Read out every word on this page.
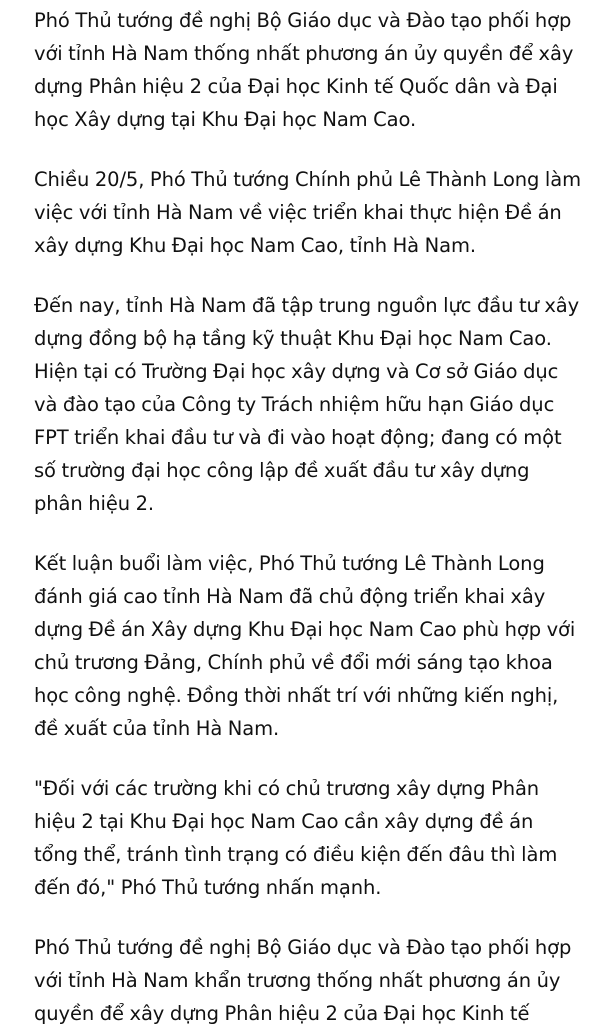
Phó Thủ tướng đề nghị Bộ Giáo dục và Đào tạo phối hợp với tỉnh Hà Nam thống nhất phương án ủy quyền để xây dựng Phân hiệu 2 của Đại học Kinh tế Quốc dân và Đại học Xây dựng tại Khu Đại học Nam Cao.

Chiều 20/5, Phó Thủ tướng Chính phủ Lê Thành Long làm việc với tỉnh Hà Nam về việc triển khai thực hiện Đề án xây dựng Khu Đại học Nam Cao, tỉnh Hà Nam.

Đến nay, tỉnh Hà Nam đã tập trung nguồn lực đầu tư xây dựng đồng bộ hạ tầng kỹ thuật Khu Đại học Nam Cao. Hiện tại có Trường Đại học xây dựng và Cơ sở Giáo dục và đào tạo của Công ty Trách nhiệm hữu hạn Giáo dục FPT triển khai đầu tư và đi vào hoạt động; đang có một số trường đại học công lập đề xuất đầu tư xây dựng phân hiệu 2.

Kết luận buổi làm việc, Phó Thủ tướng Lê Thành Long đánh giá cao tỉnh Hà Nam đã chủ động triển khai xây dựng Đề án Xây dựng Khu Đại học Nam Cao phù hợp với chủ trương Đảng, Chính phủ về đổi mới sáng tạo khoa học công nghệ. Đồng thời nhất trí với những kiến nghị, đề xuất của tỉnh Hà Nam.

"Đối với các trường khi có chủ trương xây dựng Phân hiệu 2 tại Khu Đại học Nam Cao cần xây dựng đề án tổng thể, tránh tình trạng có điều kiện đến đâu thì làm đến đó," Phó Thủ tướng nhấn mạnh.

Phó Thủ tướng đề nghị Bộ Giáo dục và Đào tạo phối hợp với tỉnh Hà Nam khẩn trương thống nhất phương án ủy quyền để xây dựng Phân hiệu 2 của Đại học Kinh tế
